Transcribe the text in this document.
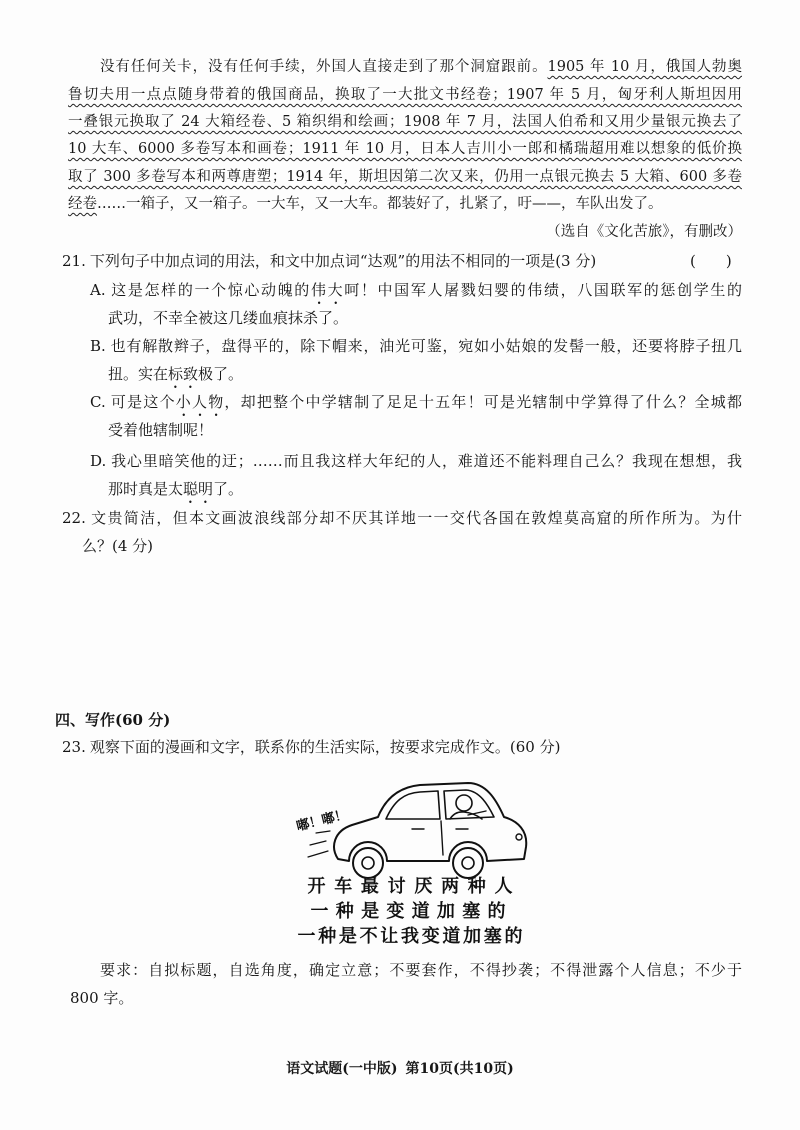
没有任何关卡，没有任何手续，外国人直接走到了那个洞窟跟前。1905 年 10 月，俄国人勃奥
鲁切夫用一点点随身带着的俄国商品，换取了一大批文书经卷；1907 年 5 月，匈牙利人斯坦因用
一叠银元换取了 24 大箱经卷、5 箱织绢和绘画；1908 年 7 月，法国人伯希和又用少量银元换去了
10 大车、6000 多卷写本和画卷；1911 年 10 月，日本人吉川小一郎和橘瑞超用难以想象的低价换
取了 300 多卷写本和两尊唐塑；1914 年，斯坦因第二次又来，仍用一点银元换去 5 大箱、600 多卷
经卷……一箱子，又一箱子。一大车，又一大车。都装好了，扎紧了，吁——，车队出发了。
（选自《文化苦旅》，有删改）
21. 下列句子中加点词的用法，和文中加点词“达观”的用法不相同的一项是(3 分)	(　　)
A. 这是怎样的一个惊心动魄的伟大呵！中国军人屠戮妇婴的伟绩，八国联军的惩创学生的
武功，不幸全被这几缕血痕抹杀了。
B. 也有解散辫子，盘得平的，除下帽来，油光可鉴，宛如小姑娘的发髻一般，还要将脖子扭几
扭。实在标致极了。
C. 可是这个小人物，却把整个中学辖制了足足十五年！可是光辖制中学算得了什么？全城都
受着他辖制呢！
D. 我心里暗笑他的迂；……而且我这样大年纪的人，难道还不能料理自己么？我现在想想，我
那时真是太聪明了。
22. 文贵简洁，但本文画波浪线部分却不厌其详地一一交代各国在敦煌莫高窟的所作所为。为什
么？(4 分)
四、写作(60 分)
23. 观察下面的漫画和文字，联系你的生活实际，按要求完成作文。(60 分)
嘟！嘟！
开车最讨厌两种人
一种是变道加塞的
一种是不让我变道加塞的
要求：自拟标题，自选角度，确定立意；不要套作，不得抄袭；不得泄露个人信息；不少于
800 字。
语文试题(一中版) 第10页(共10页)
